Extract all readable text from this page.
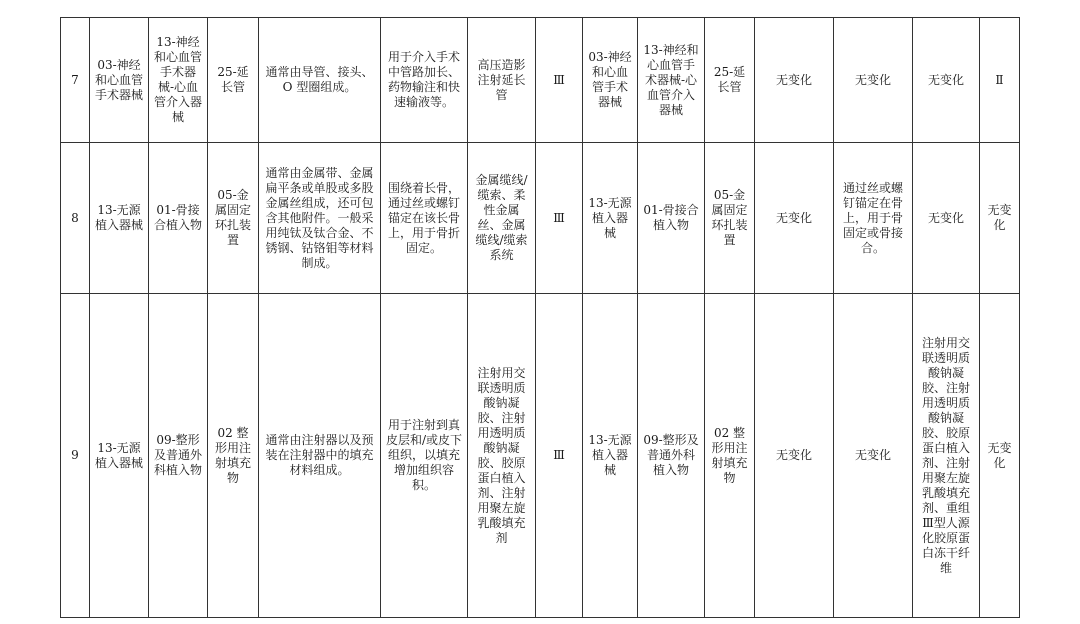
7	03-神经和心血管手术器械	13-神经和心血管手术器械-心血管介入器械	25-延长管	通常由导管、接头、O 型圈组成。	用于介入手术中管路加长、药物输注和快速输液等。	高压造影注射延长管	Ⅲ	03-神经和心血管手术器械	13-神经和心血管手术器械-心血管介入器械	25-延长管	无变化	无变化	无变化	Ⅱ
8	13-无源植入器械	01-骨接合植入物	05-金属固定环扎装置	通常由金属带、金属扁平条或单股或多股金属丝组成，还可包含其他附件。一般采用纯钛及钛合金、不锈钢、钴铬钼等材料制成。	围绕着长骨，通过丝或螺钉锚定在该长骨上，用于骨折固定。	金属缆线/缆索、柔性金属丝、金属缆线/缆索系统	Ⅲ	13-无源植入器械	01-骨接合植入物	05-金属固定环扎装置	无变化	通过丝或螺钉锚定在骨上，用于骨固定或骨接合。	无变化	无变化
9	13-无源植入器械	09-整形及普通外科植入物	02 整形用注射填充物	通常由注射器以及预装在注射器中的填充材料组成。	用于注射到真皮层和/或皮下组织，以填充增加组织容积。	注射用交联透明质酸钠凝胶、注射用透明质酸钠凝胶、胶原蛋白植入剂、注射用聚左旋乳酸填充剂	Ⅲ	13-无源植入器械	09-整形及普通外科植入物	02 整形用注射填充物	无变化	无变化	注射用交联透明质酸钠凝胶、注射用透明质酸钠凝胶、胶原蛋白植入剂、注射用聚左旋乳酸填充剂、重组Ⅲ型人源化胶原蛋白冻干纤维	无变化
